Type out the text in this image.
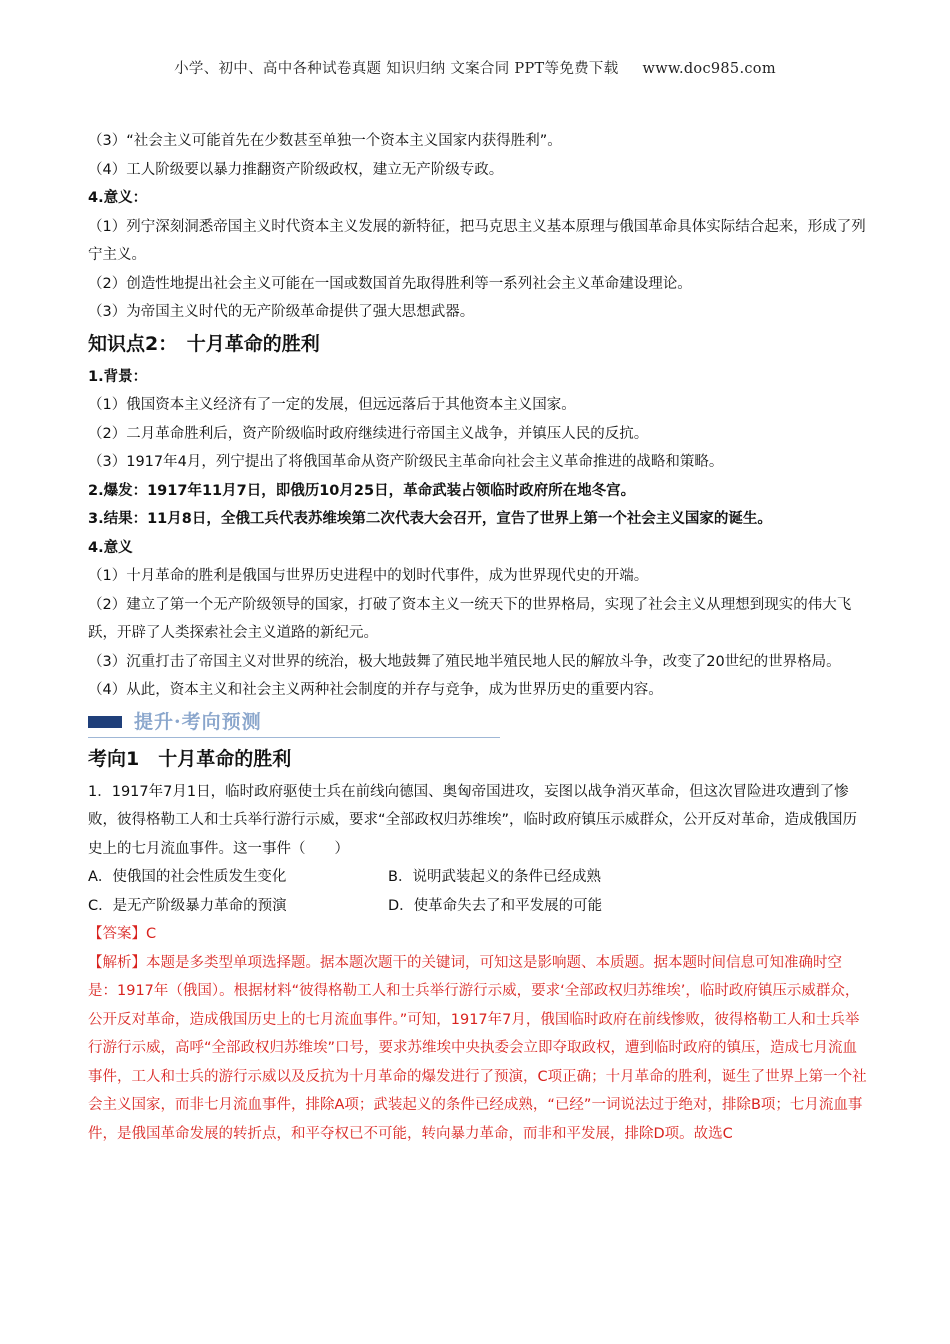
小学、初中、高中各种试卷真题 知识归纳 文案合同 PPT等免费下载 www.doc985.com

（3）“社会主义可能首先在少数甚至单独一个资本主义国家内获得胜利”。

（4）工人阶级要以暴力推翻资产阶级政权，建立无产阶级专政。

4.意义：

（1）列宁深刻洞悉帝国主义时代资本主义发展的新特征，把马克思主义基本原理与俄国革命具体实际结合起来，形成了列宁主义。

（2）创造性地提出社会主义可能在一国或数国首先取得胜利等一系列社会主义革命建设理论。

（3）为帝国主义时代的无产阶级革命提供了强大思想武器。

知识点2：　十月革命的胜利

1.背景：

（1）俄国资本主义经济有了一定的发展，但远远落后于其他资本主义国家。

（2）二月革命胜利后，资产阶级临时政府继续进行帝国主义战争，并镇压人民的反抗。

（3）1917年4月，列宁提出了将俄国革命从资产阶级民主革命向社会主义革命推进的战略和策略。

2.爆发：1917年11月7日，即俄历10月25日，革命武装占领临时政府所在地冬宫。

3.结果：11月8日，全俄工兵代表苏维埃第二次代表大会召开，宣告了世界上第一个社会主义国家的诞生。

4.意义

（1）十月革命的胜利是俄国与世界历史进程中的划时代事件，成为世界现代史的开端。

（2）建立了第一个无产阶级领导的国家，打破了资本主义一统天下的世界格局，实现了社会主义从理想到现实的伟大飞跃，开辟了人类探索社会主义道路的新纪元。

（3）沉重打击了帝国主义对世界的统治，极大地鼓舞了殖民地半殖民地人民的解放斗争，改变了20世纪的世界格局。

（4）从此，资本主义和社会主义两种社会制度的并存与竞争，成为世界历史的重要内容。

提升·考向预测
考向1　十月革命的胜利

1．1917年7月1日，临时政府驱使士兵在前线向德国、奥匈帝国进攻，妄图以战争消灭革命，但这次冒险进攻遭到了惨败，彼得格勒工人和士兵举行游行示威，要求“全部政权归苏维埃”，临时政府镇压示威群众，公开反对革命，造成俄国历史上的七月流血事件。这一事件（　　）

A．使俄国的社会性质发生变化	B．说明武装起义的条件已经成熟
C．是无产阶级暴力革命的预演	D．使革命失去了和平发展的可能

【答案】C

【解析】本题是多类型单项选择题。据本题次题干的关键词，可知这是影响题、本质题。据本题时间信息可知准确时空是：1917年（俄国）。根据材料“彼得格勒工人和士兵举行游行示威，要求‘全部政权归苏维埃’，临时政府镇压示威群众，公开反对革命，造成俄国历史上的七月流血事件。”可知，1917年7月，俄国临时政府在前线惨败，彼得格勒工人和士兵举行游行示威，高呼“全部政权归苏维埃”口号，要求苏维埃中央执委会立即夺取政权，遭到临时政府的镇压，造成七月流血事件，工人和士兵的游行示威以及反抗为十月革命的爆发进行了预演，C项正确；十月革命的胜利，诞生了世界上第一个社会主义国家，而非七月流血事件，排除A项；武装起义的条件已经成熟，“已经”一词说法过于绝对，排除B项；七月流血事件，是俄国革命发展的转折点，和平夺权已不可能，转向暴力革命，而非和平发展，排除D项。故选C
